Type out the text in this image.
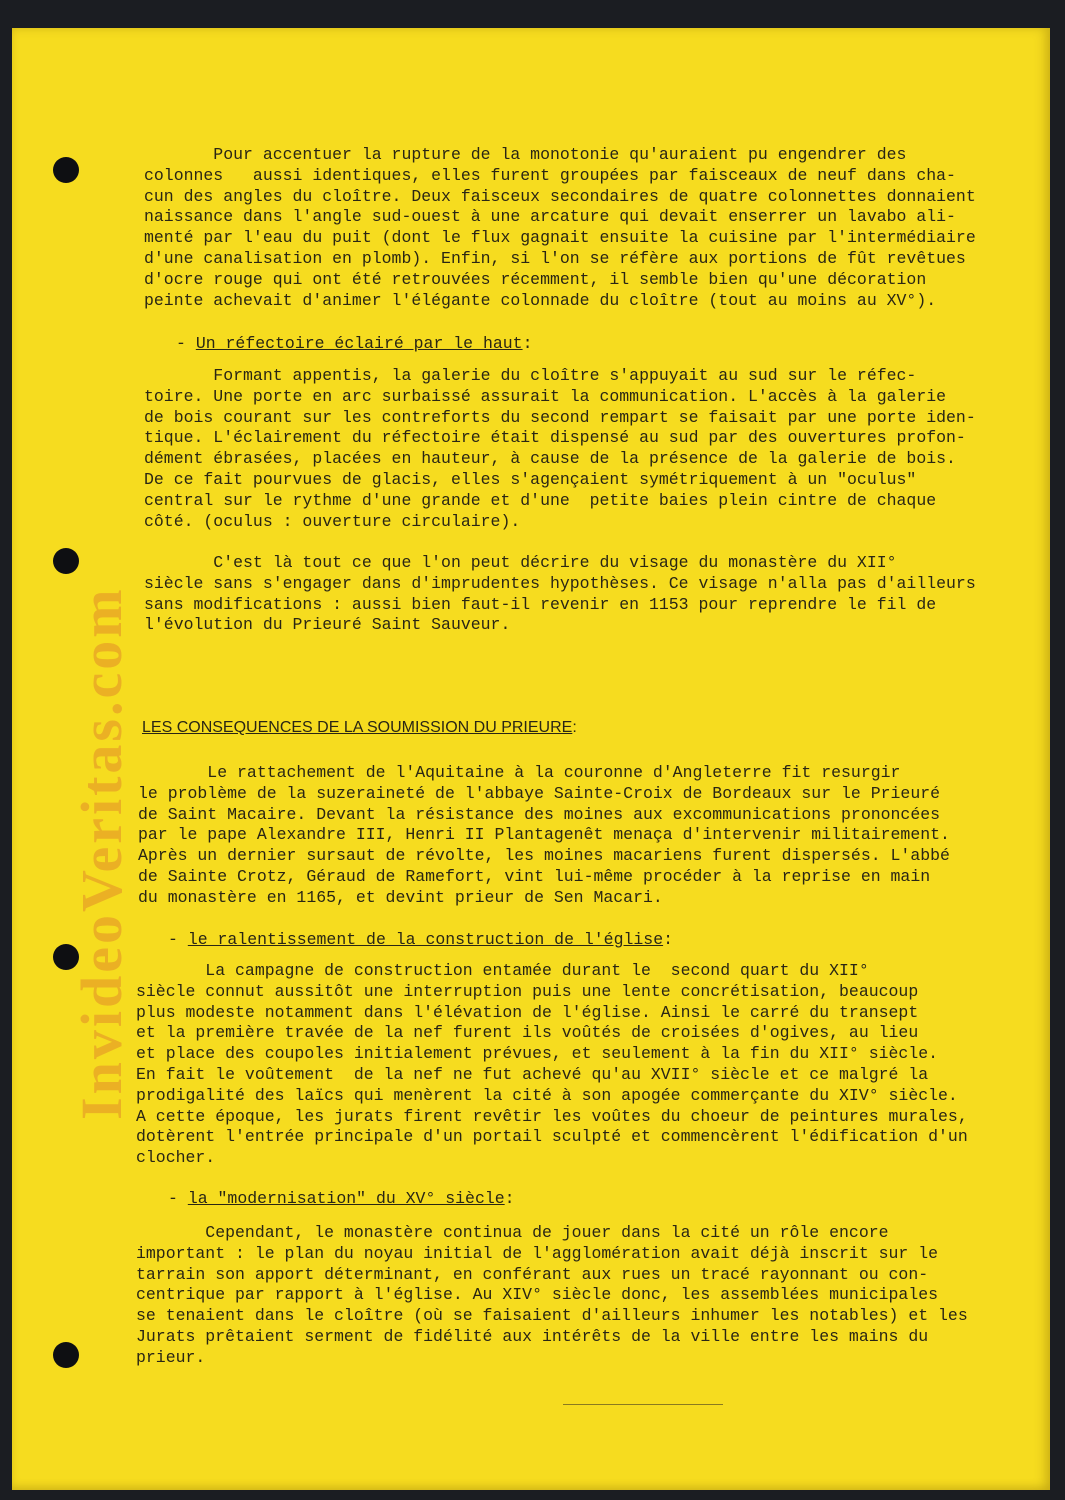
InvideoVeritas.com

Pour accentuer la rupture de la monotonie qu'auraient pu engendrer des
colonnes   aussi identiques, elles furent groupées par faisceaux de neuf dans cha-
cun des angles du cloître. Deux faisceux secondaires de quatre colonnettes donnaient
naissance dans l'angle sud-ouest à une arcature qui devait enserrer un lavabo ali-
menté par l'eau du puit (dont le flux gagnait ensuite la cuisine par l'intermédiaire
d'une canalisation en plomb). Enfin, si l'on se réfère aux portions de fût revêtues
d'ocre rouge qui ont été retrouvées récemment, il semble bien qu'une décoration
peinte achevait d'animer l'élégante colonnade du cloître (tout au moins au XV°).

- Un réfectoire éclairé par le haut:

Formant appentis, la galerie du cloître s'appuyait au sud sur le réfec-
toire. Une porte en arc surbaissé assurait la communication. L'accès à la galerie
de bois courant sur les contreforts du second rempart se faisait par une porte iden-
tique. L'éclairement du réfectoire était dispensé au sud par des ouvertures profon-
dément ébrasées, placées en hauteur, à cause de la présence de la galerie de bois.
De ce fait pourvues de glacis, elles s'agençaient symétriquement à un "oculus"
central sur le rythme d'une grande et d'une  petite baies plein cintre de chaque
côté. (oculus : ouverture circulaire).

C'est là tout ce que l'on peut décrire du visage du monastère du XII°
siècle sans s'engager dans d'imprudentes hypothèses. Ce visage n'alla pas d'ailleurs
sans modifications : aussi bien faut-il revenir en 1153 pour reprendre le fil de
l'évolution du Prieuré Saint Sauveur.

LES CONSEQUENCES DE LA SOUMISSION DU PRIEURE:

Le rattachement de l'Aquitaine à la couronne d'Angleterre fit resurgir
le problème de la suzeraineté de l'abbaye Sainte-Croix de Bordeaux sur le Prieuré
de Saint Macaire. Devant la résistance des moines aux excommunications prononcées
par le pape Alexandre III, Henri II Plantagenêt menaça d'intervenir militairement.
Après un dernier sursaut de révolte, les moines macariens furent dispersés. L'abbé
de Sainte Crotz, Géraud de Ramefort, vint lui-même procéder à la reprise en main
du monastère en 1165, et devint prieur de Sen Macari.

- le ralentissement de la construction de l'église:

La campagne de construction entamée durant le  second quart du XII°
siècle connut aussitôt une interruption puis une lente concrétisation, beaucoup
plus modeste notamment dans l'élévation de l'église. Ainsi le carré du transept
et la première travée de la nef furent ils voûtés de croisées d'ogives, au lieu
et place des coupoles initialement prévues, et seulement à la fin du XII° siècle.
En fait le voûtement  de la nef ne fut achevé qu'au XVII° siècle et ce malgré la
prodigalité des laïcs qui menèrent la cité à son apogée commerçante du XIV° siècle.
A cette époque, les jurats firent revêtir les voûtes du choeur de peintures murales,
dotèrent l'entrée principale d'un portail sculpté et commencèrent l'édification d'un
clocher.

- la "modernisation" du XV° siècle:

Cependant, le monastère continua de jouer dans la cité un rôle encore
important : le plan du noyau initial de l'agglomération avait déjà inscrit sur le
tarrain son apport déterminant, en conférant aux rues un tracé rayonnant ou con-
centrique par rapport à l'église. Au XIV° siècle donc, les assemblées municipales
se tenaient dans le cloître (où se faisaient d'ailleurs inhumer les notables) et les
Jurats prêtaient serment de fidélité aux intérêts de la ville entre les mains du
prieur.
